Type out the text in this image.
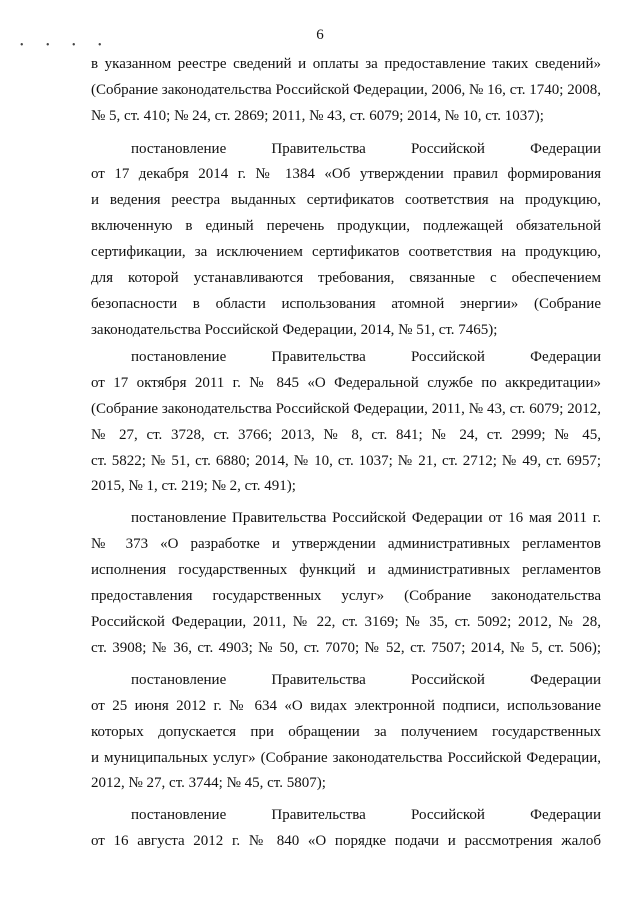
6
• • • •
в указанном реестре сведений и оплаты за предоставление таких сведений»
(Собрание законодательства Российской Федерации, 2006, № 16, ст. 1740; 2008,
№ 5, ст. 410; № 24, ст. 2869; 2011, № 43, ст. 6079; 2014, № 10, ст. 1037);
постановление Правительства Российской Федерации
от 17 декабря 2014 г. № 1384 «Об утверждении правил формирования
и ведения реестра выданных сертификатов соответствия на продукцию,
включенную в единый перечень продукции, подлежащей обязательной
сертификации, за исключением сертификатов соответствия на продукцию,
для которой устанавливаются требования, связанные с обеспечением
безопасности в области использования атомной энергии» (Собрание
законодательства Российской Федерации, 2014, № 51, ст. 7465);
постановление Правительства Российской Федерации
от 17 октября 2011 г. № 845 «О Федеральной службе по аккредитации»
(Собрание законодательства Российской Федерации, 2011, № 43, ст. 6079; 2012,
№ 27, ст. 3728, ст. 3766; 2013, № 8, ст. 841; № 24, ст. 2999; № 45,
ст. 5822; № 51, ст. 6880; 2014, № 10, ст. 1037; № 21, ст. 2712; № 49, ст. 6957;
2015, № 1, ст. 219; № 2, ст. 491);
постановление Правительства Российской Федерации от 16 мая 2011 г.
№ 373 «О разработке и утверждении административных регламентов
исполнения государственных функций и административных регламентов
предоставления государственных услуг» (Собрание законодательства
Российской Федерации, 2011, № 22, ст. 3169; № 35, ст. 5092; 2012, № 28,
ст. 3908; № 36, ст. 4903; № 50, ст. 7070; № 52, ст. 7507; 2014, № 5, ст. 506);
постановление Правительства Российской Федерации
от 25 июня 2012 г. № 634 «О видах электронной подписи, использование
которых допускается при обращении за получением государственных
и муниципальных услуг» (Собрание законодательства Российской Федерации,
2012, № 27, ст. 3744; № 45, ст. 5807);
постановление Правительства Российской Федерации
от 16 августа 2012 г. № 840 «О порядке подачи и рассмотрения жалоб
